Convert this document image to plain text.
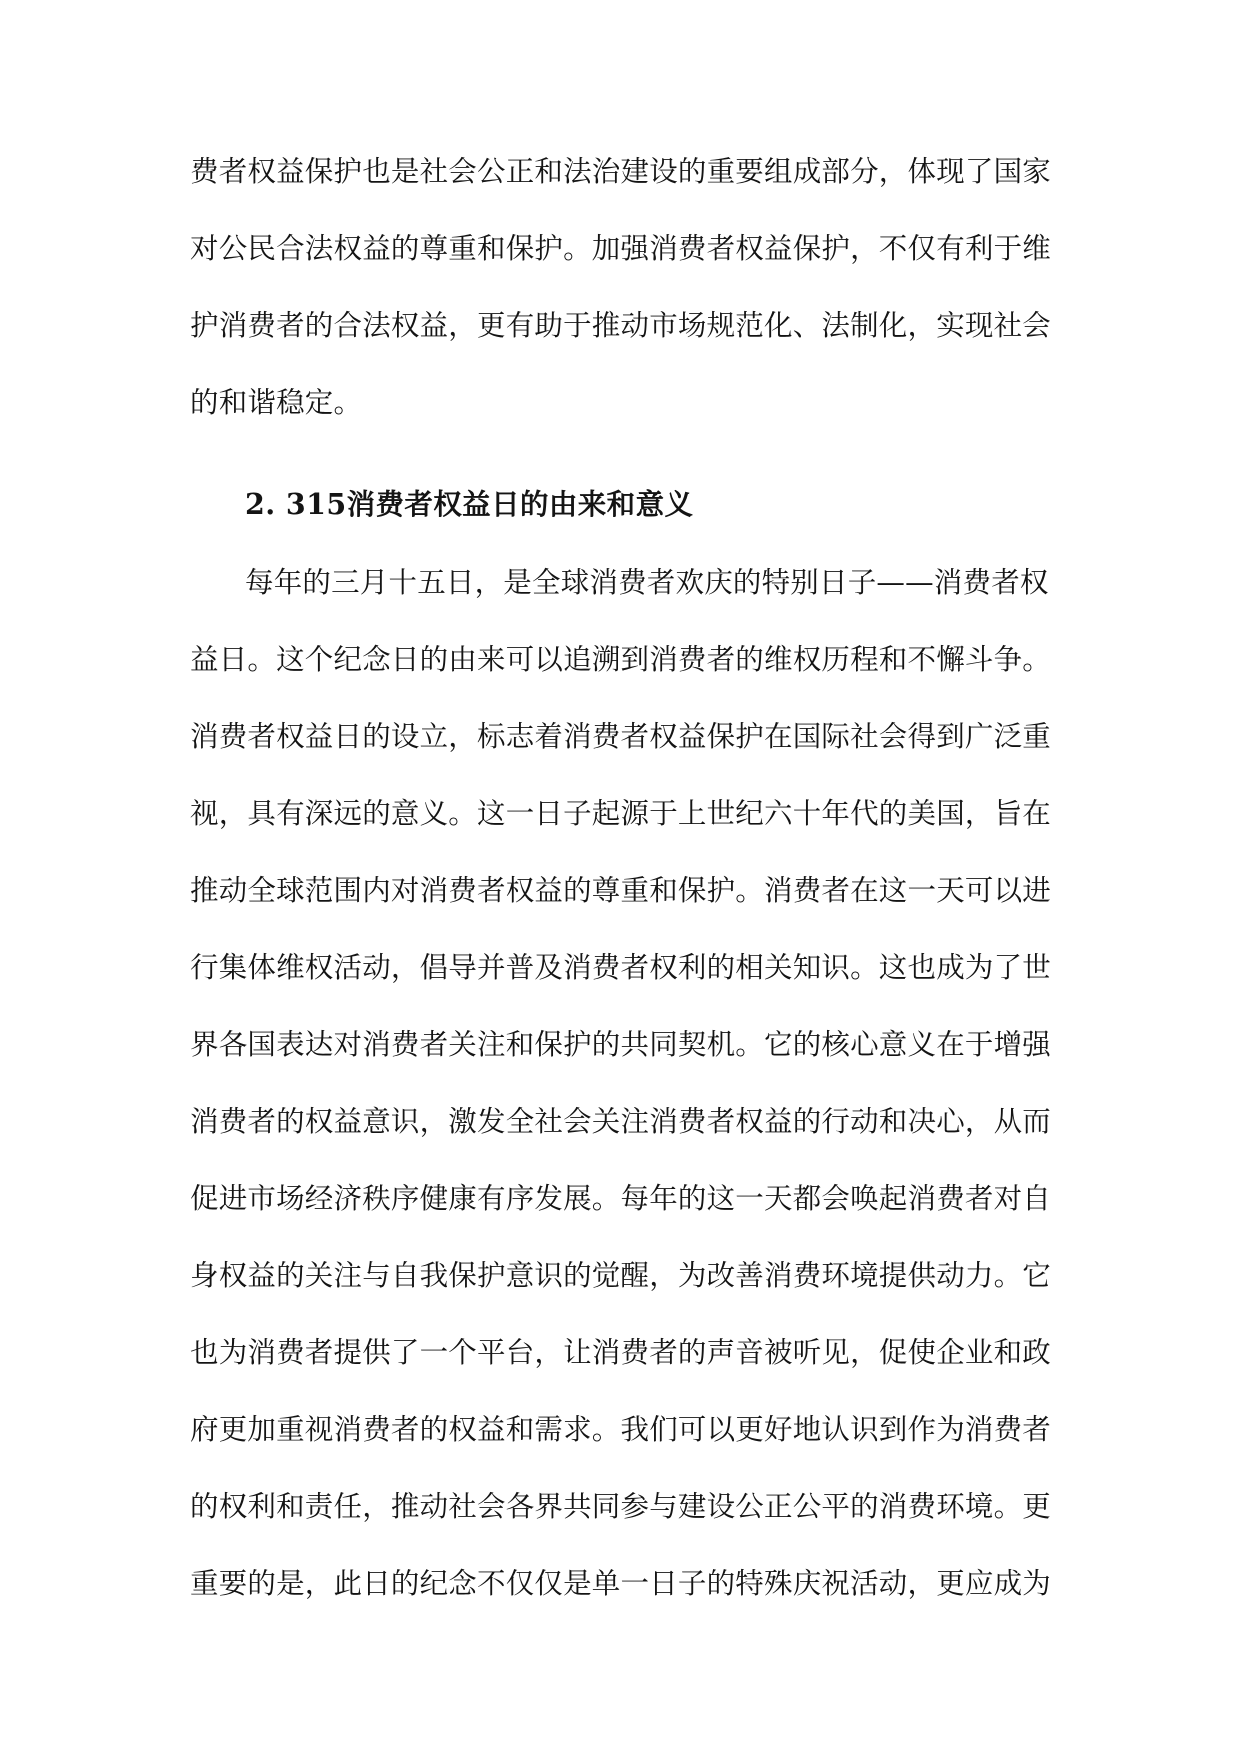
费者权益保护也是社会公正和法治建设的重要组成部分，体现了国家
对公民合法权益的尊重和保护。加强消费者权益保护，不仅有利于维
护消费者的合法权益，更有助于推动市场规范化、法制化，实现社会
的和谐稳定。
2. 315消费者权益日的由来和意义
每年的三月十五日，是全球消费者欢庆的特别日子——消费者权
益日。这个纪念日的由来可以追溯到消费者的维权历程和不懈斗争。
消费者权益日的设立，标志着消费者权益保护在国际社会得到广泛重
视，具有深远的意义。这一日子起源于上世纪六十年代的美国，旨在
推动全球范围内对消费者权益的尊重和保护。消费者在这一天可以进
行集体维权活动，倡导并普及消费者权利的相关知识。这也成为了世
界各国表达对消费者关注和保护的共同契机。它的核心意义在于增强
消费者的权益意识，激发全社会关注消费者权益的行动和决心，从而
促进市场经济秩序健康有序发展。每年的这一天都会唤起消费者对自
身权益的关注与自我保护意识的觉醒，为改善消费环境提供动力。它
也为消费者提供了一个平台，让消费者的声音被听见，促使企业和政
府更加重视消费者的权益和需求。我们可以更好地认识到作为消费者
的权利和责任，推动社会各界共同参与建设公正公平的消费环境。更
重要的是，此日的纪念不仅仅是单一日子的特殊庆祝活动，更应成为
